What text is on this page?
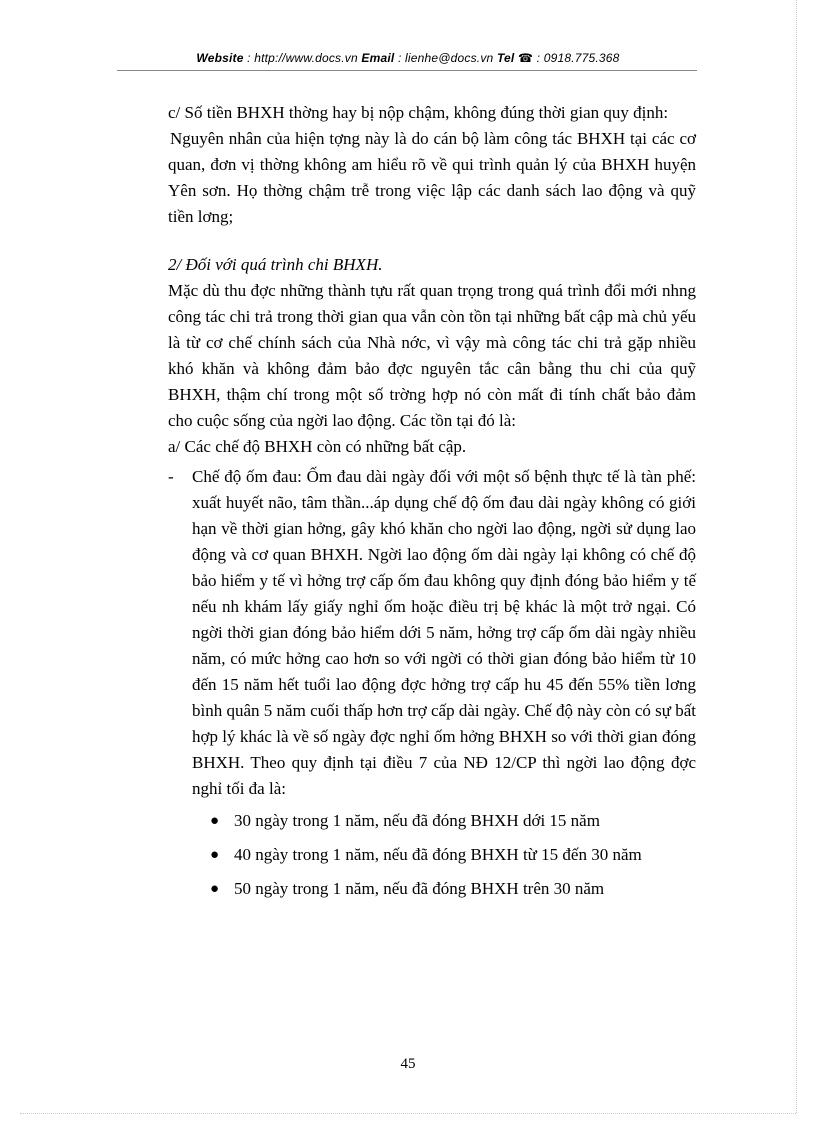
Website : http://www.docs.vn Email : lienhe@docs.vn Tel ☎ : 0918.775.368

c/ Số tiền BHXH thờng hay bị nộp chậm, không đúng thời gian quy định:

Nguyên nhân của hiện tợng này là do cán bộ làm công tác BHXH tại các cơ quan, đơn vị thờng không am hiểu rõ về qui trình quản lý của BHXH huyện Yên sơn. Họ thờng chậm trễ trong việc lập các danh sách lao động và quỹ tiền lơng;

2/ Đối với quá trình chi BHXH.

Mặc dù thu đợc những thành tựu rất quan trọng trong quá trình đổi mới nhng công tác chi trả trong thời gian qua vẫn còn tồn tại những bất cập mà chủ yếu là từ cơ chế chính sách của Nhà nớc, vì vậy mà công tác chi trả gặp nhiều khó khăn và không đảm bảo đợc nguyên tắc cân bằng thu chi của quỹ BHXH, thậm chí trong một số trờng hợp nó còn mất đi tính chất bảo đảm cho cuộc sống của ngời lao động. Các tồn tại đó là:

a/ Các chế độ BHXH còn có những bất cập.

- Chế độ ốm đau: Ốm đau dài ngày đối với một số bệnh thực tế là tàn phế: xuất huyết não, tâm thần...áp dụng chế độ ốm đau dài ngày không có giới hạn về thời gian hởng, gây khó khăn cho ngời lao động, ngời sử dụng lao động và cơ quan BHXH. Ngời lao động ốm dài ngày lại không có chế độ bảo hiểm y tế vì hởng trợ cấp ốm đau không quy định đóng bảo hiểm y tế nếu nh khám lấy giấy nghỉ ốm hoặc điều trị bệ khác là một trở ngại. Có ngời thời gian đóng bảo hiểm dới 5 năm, hởng trợ cấp ốm dài ngày nhiều năm, có mức hởng cao hơn so với ngời có thời gian đóng bảo hiểm từ 10 đến 15 năm hết tuổi lao động đợc hởng trợ cấp hu 45 đến 55% tiền lơng bình quân 5 năm cuối thấp hơn trợ cấp dài ngày. Chế độ này còn có sự bất hợp lý khác là về số ngày đợc nghỉ ốm hởng BHXH so với thời gian đóng BHXH. Theo quy định tại điều 7 của NĐ 12/CP thì ngời lao động đợc nghỉ tối đa là:

● 30 ngày trong 1 năm, nếu đã đóng BHXH dới 15 năm
● 40 ngày trong 1 năm, nếu đã đóng BHXH từ 15 đến 30 năm
● 50 ngày trong 1 năm, nếu đã đóng BHXH trên 30 năm
45
